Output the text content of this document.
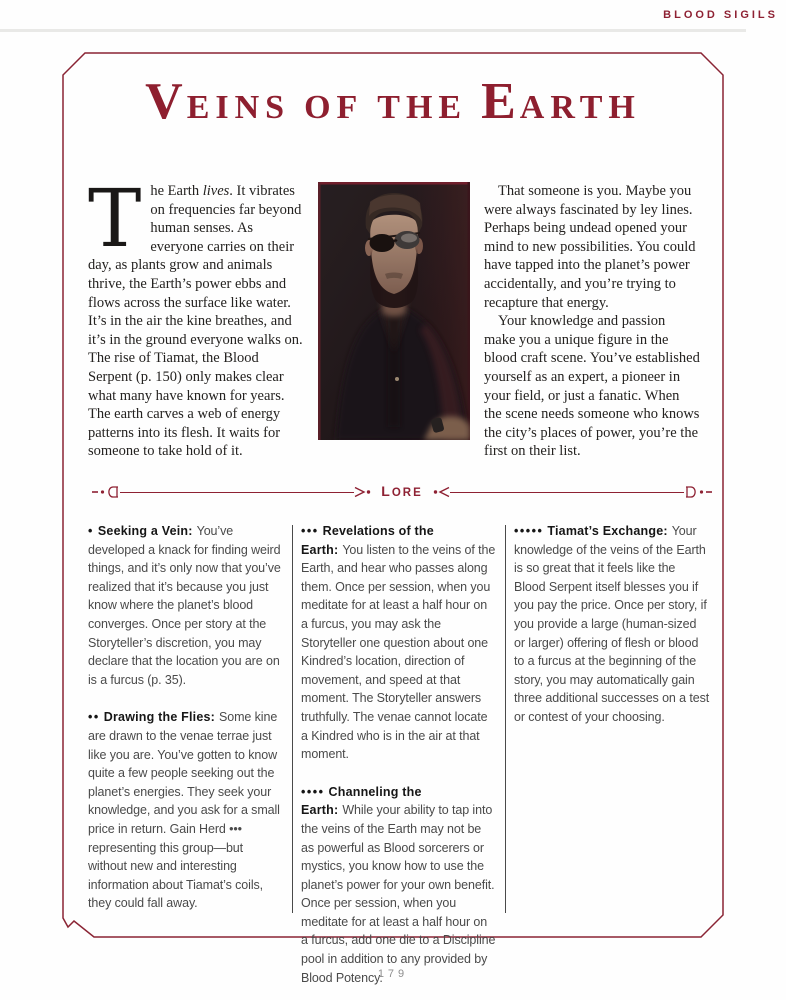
BLOOD SIGILS
VEINS OF THE EARTH

The Earth lives. It vibrates on frequencies far beyond human senses. As everyone carries on their day, as plants grow and animals thrive, the Earth’s power ebbs and flows across the surface like water. It’s in the air the kine breathes, and it’s in the ground everyone walks on. The rise of Tiamat, the Blood Serpent (p. 150) only makes clear what many have known for years. The earth carves a web of energy patterns into its flesh. It waits for someone to take hold of it.

That someone is you. Maybe you were always fascinated by ley lines. Perhaps being undead opened your mind to new possibilities. You could have tapped into the planet’s power accidentally, and you’re trying to recapture that energy.

Your knowledge and passion make you a unique figure in the blood craft scene. You’ve established yourself as an expert, a pioneer in your field, or just a fanatic. When the scene needs someone who knows the city’s places of power, you’re the first on their list.

LORE

• Seeking a Vein: You’ve developed a knack for finding weird things, and it’s only now that you’ve realized that it’s because you just know where the planet’s blood converges. Once per story at the Storyteller’s discretion, you may declare that the location you are on is a furcus (p. 35).

•• Drawing the Flies: Some kine are drawn to the venae terrae just like you are. You’ve gotten to know quite a few people seeking out the planet’s energies. They seek your knowledge, and you ask for a small price in return. Gain Herd ••• representing this group—but without new and interesting information about Tiamat’s coils, they could fall away.

••• Revelations of the Earth: You listen to the veins of the Earth, and hear who passes along them. Once per session, when you meditate for at least a half hour on a furcus, you may ask the Storyteller one question about one Kindred’s location, direction of movement, and speed at that moment. The Storyteller answers truthfully. The venae cannot locate a Kindred who is in the air at that moment.

•••• Channeling the Earth: While your ability to tap into the veins of the Earth may not be as powerful as Blood sorcerers or mystics, you know how to use the planet’s power for your own benefit. Once per session, when you meditate for at least a half hour on a furcus, add one die to a Discipline pool in addition to any provided by Blood Potency.

••••• Tiamat’s Exchange: Your knowledge of the veins of the Earth is so great that it feels like the Blood Serpent itself blesses you if you pay the price. Once per story, if you provide a large (human-sized or larger) offering of flesh or blood to a furcus at the beginning of the story, you may automatically gain three additional successes on a test or contest of your choosing.

179
